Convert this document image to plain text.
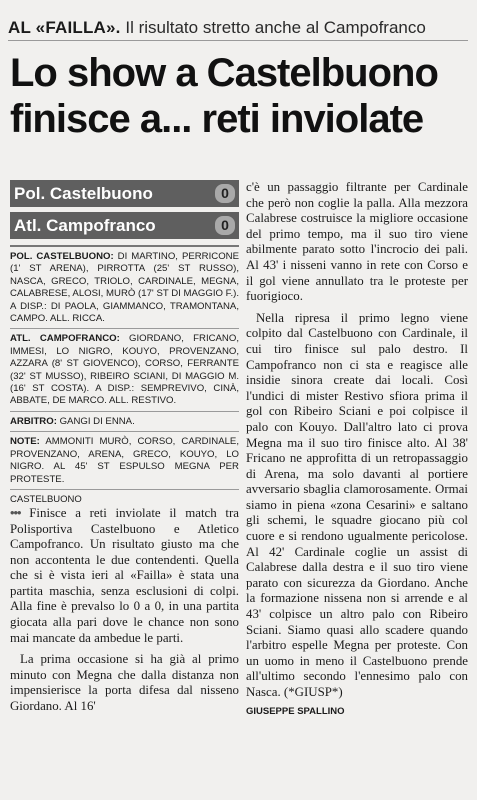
AL «FAILLA». Il risultato stretto anche al Campofranco
Lo show a Castelbuono
finisce a... reti inviolate
Pol. Castelbuono	0
Atl. Campofranco	0
POL. CASTELBUONO: DI MARTINO, PERRICONE (1' ST ARENA), PIRROTTA (25' ST RUSSO), NASCA, GRECO, TRIOLO, CARDINALE, MEGNA, CALABRESE, ALOSI, MURÒ (17' ST DI MAGGIO F.). A DISP.: DI PAOLA, GIAMMANCO, TRAMONTANA, CAMPO. ALL. RICCA.
ATL. CAMPOFRANCO: GIORDANO, FRICANO, IMMESI, LO NIGRO, KOUYO, PROVENZANO, AZZARA (8' ST GIOVENCO), CORSO, FERRANTE (32' ST MUSSO), RIBEIRO SCIANI, DI MAGGIO M. (16' ST COSTA). A DISP.: SEMPREVIVO, CINÀ, ABBATE, DE MARCO. ALL. RESTIVO.
ARBITRO: GANGI DI ENNA.
NOTE: AMMONITI MURÒ, CORSO, CARDINALE, PROVENZANO, ARENA, GRECO, KOUYO, LO NIGRO. AL 45' ST ESPULSO MEGNA PER PROTESTE.
CASTELBUONO

••• Finisce a reti inviolate il match tra Polisportiva Castelbuono e Atletico Campofranco. Un risultato giusto ma che non accontenta le due contendenti. Quella che si è vista ieri al «Failla» è stata una partita maschia, senza esclusioni di colpi. Alla fine è prevalso lo 0 a 0, in una partita giocata alla pari dove le chance non sono mai mancate da ambedue le parti.

La prima occasione si ha già al primo minuto con Megna che dalla distanza non impensierisce la porta difesa dal nisseno Giordano. Al 16'

c'è un passaggio filtrante per Cardinale che però non coglie la palla. Alla mezzora Calabrese costruisce la migliore occasione del primo tempo, ma il suo tiro viene abilmente parato sotto l'incrocio dei pali. Al 43' i nisseni vanno in rete con Corso e il gol viene annullato tra le proteste per fuorigioco.

Nella ripresa il primo legno viene colpito dal Castelbuono con Cardinale, il cui tiro finisce sul palo destro. Il Campofranco non ci sta e reagisce alle insidie sinora create dai locali. Così l'undici di mister Restivo sfiora prima il gol con Ribeiro Sciani e poi colpisce il palo con Kouyo. Dall'altro lato ci prova Megna ma il suo tiro finisce alto. Al 38' Fricano ne approfitta di un retropassaggio di Arena, ma solo davanti al portiere avversario sbaglia clamorosamente. Ormai siamo in piena «zona Cesarini» e saltano gli schemi, le squadre giocano più col cuore e si rendono ugualmente pericolose. Al 42' Cardinale coglie un assist di Calabrese dalla destra e il suo tiro viene parato con sicurezza da Giordano. Anche la formazione nissena non si arrende e al 43' colpisce un altro palo con Ribeiro Sciani. Siamo quasi allo scadere quando l'arbitro espelle Megna per proteste. Con un uomo in meno il Castelbuono prende all'ultimo secondo l'ennesimo palo con Nasca. (*GIUSP*)

GIUSEPPE SPALLINO
